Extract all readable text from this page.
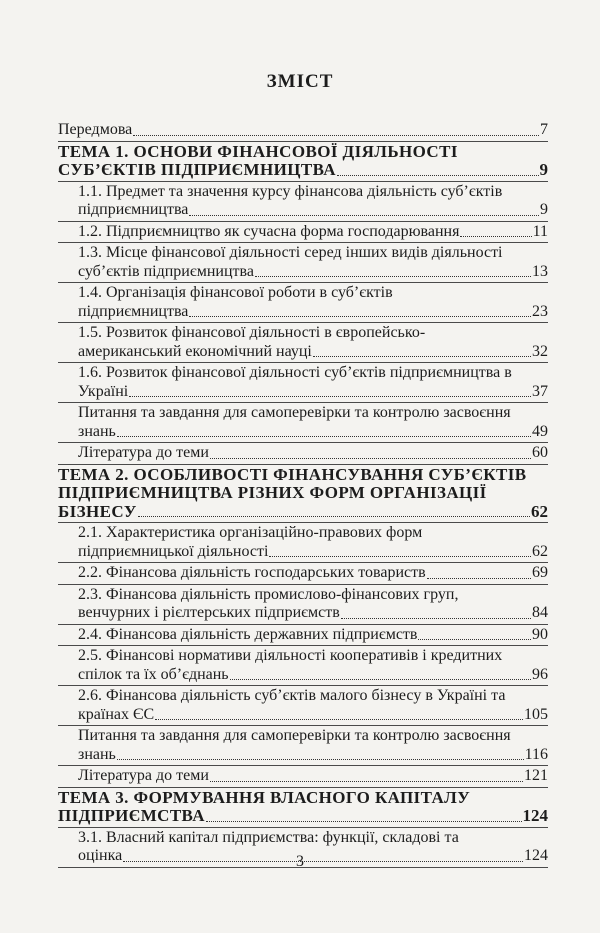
ЗМІСТ
Передмова	7
ТЕМА 1. ОСНОВИ ФІНАНСОВОЇ ДІЯЛЬНОСТІ
СУБ’ЄКТІВ ПІДПРИЄМНИЦТВА	9
1.1. Предмет та значення курсу фінансова діяльність суб’єктів
підприємництва	9
1.2. Підприємництво як сучасна форма господарювання	11
1.3. Місце фінансової діяльності серед інших видів діяльності
суб’єктів підприємництва	13
1.4. Організація фінансової роботи в суб’єктів
підприємництва	23
1.5. Розвиток фінансової діяльності в європейсько-
американський економічний науці	32
1.6. Розвиток фінансової діяльності суб’єктів підприємництва в
Україні	37
Питання та завдання для самоперевірки та контролю засвоєння
знань	49
Література до теми	60
ТЕМА 2. ОСОБЛИВОСТІ ФІНАНСУВАННЯ СУБ’ЄКТІВ
ПІДПРИЄМНИЦТВА РІЗНИХ ФОРМ ОРГАНІЗАЦІЇ
БІЗНЕСУ	62
2.1. Характеристика організаційно-правових форм
підприємницької діяльності	62
2.2. Фінансова діяльність господарських товариств	69
2.3. Фінансова діяльність промислово-фінансових груп,
венчурних і рієлтерських підприємств	84
2.4. Фінансова діяльність державних підприємств	90
2.5. Фінансові нормативи діяльності кооперативів і кредитних
спілок та їх об’єднань	96
2.6. Фінансова діяльність суб’єктів малого бізнесу в Україні та
країнах ЄС	105
Питання та завдання для самоперевірки та контролю засвоєння
знань	116
Література до теми	121
ТЕМА 3. ФОРМУВАННЯ ВЛАСНОГО КАПІТАЛУ
ПІДПРИЄМСТВА	124
3.1. Власний капітал підприємства: функції, складові та
оцінка	124
3
